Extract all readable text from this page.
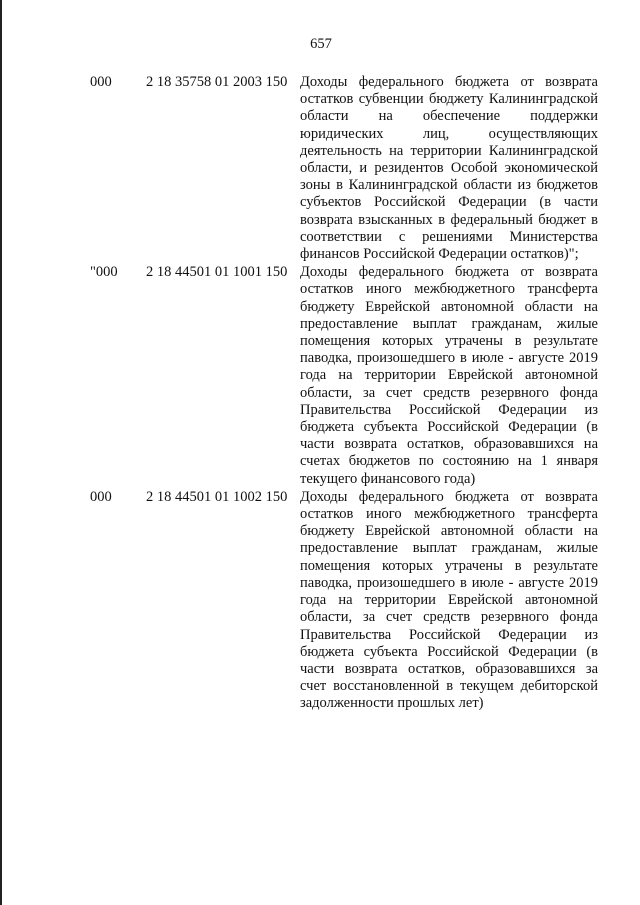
657
000	2 18 35758 01 2003 150 Доходы федерального бюджета от возврата остатков субвенции бюджету Калининградской области на обеспечение поддержки юридических лиц, осуществляющих деятельность на территории Калининградской области, и резидентов Особой экономической зоны в Калининградской области из бюджетов субъектов Российской Федерации (в части возврата взысканных в федеральный бюджет в соответствии с решениями Министерства финансов Российской Федерации остатков)";
"000	2 18 44501 01 1001 150 Доходы федерального бюджета от возврата остатков иного межбюджетного трансферта бюджету Еврейской автономной области на предоставление выплат гражданам, жилые помещения которых утрачены в результате паводка, произошедшего в июле - августе 2019 года на территории Еврейской автономной области, за счет средств резервного фонда Правительства Российской Федерации из бюджета субъекта Российской Федерации (в части возврата остатков, образовавшихся на счетах бюджетов по состоянию на 1 января текущего финансового года)
000	2 18 44501 01 1002 150 Доходы федерального бюджета от возврата остатков иного межбюджетного трансферта бюджету Еврейской автономной области на предоставление выплат гражданам, жилые помещения которых утрачены в результате паводка, произошедшего в июле - августе 2019 года на территории Еврейской автономной области, за счет средств резервного фонда Правительства Российской Федерации из бюджета субъекта Российской Федерации (в части возврата остатков, образовавшихся за счет восстановленной в текущем дебиторской задолженности прошлых лет)
